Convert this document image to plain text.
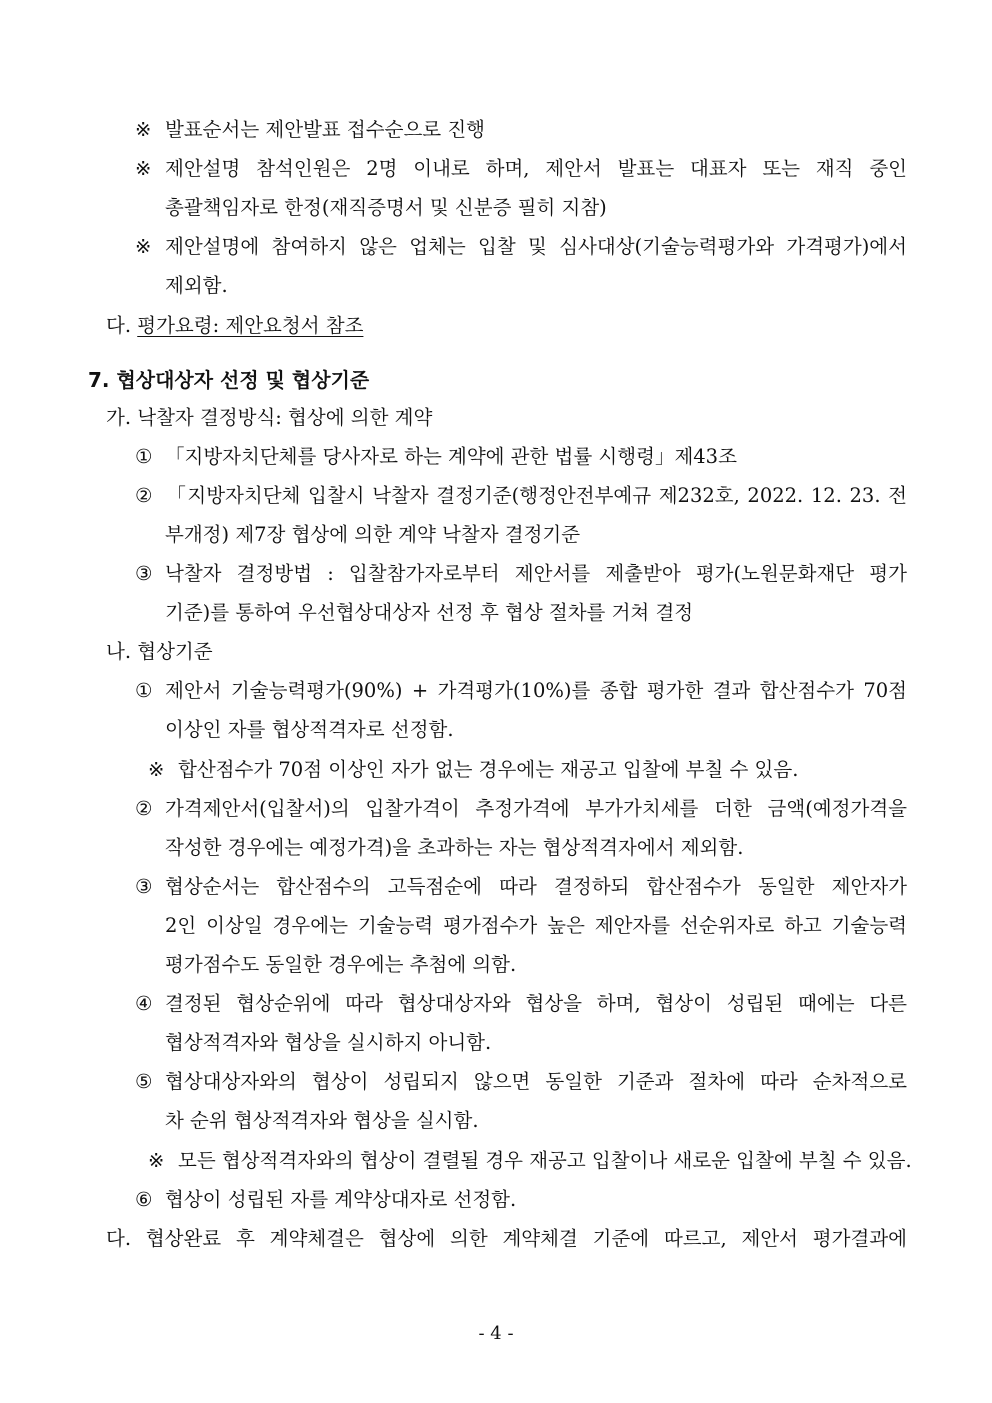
※ 발표순서는 제안발표 접수순으로 진행
※ 제안설명 참석인원은 2명 이내로 하며, 제안서 발표는 대표자 또는 재직 중인
총괄책임자로 한정(재직증명서 및 신분증 필히 지참)
※ 제안설명에 참여하지 않은 업체는 입찰 및 심사대상(기술능력평가와 가격평가)에서
제외함.
다. 평가요령: 제안요청서 참조
7. 협상대상자 선정 및 협상기준
가. 낙찰자 결정방식: 협상에 의한 계약
① 「지방자치단체를 당사자로 하는 계약에 관한 법률 시행령」제43조
② 「지방자치단체 입찰시 낙찰자 결정기준(행정안전부예규 제232호, 2022. 12. 23. 전
부개정) 제7장 협상에 의한 계약 낙찰자 결정기준
③ 낙찰자 결정방법 : 입찰참가자로부터 제안서를 제출받아 평가(노원문화재단 평가
기준)를 통하여 우선협상대상자 선정 후 협상 절차를 거쳐 결정
나. 협상기준
① 제안서 기술능력평가(90%) + 가격평가(10%)를 종합 평가한 결과 합산점수가 70점
이상인 자를 협상적격자로 선정함.
※ 합산점수가 70점 이상인 자가 없는 경우에는 재공고 입찰에 부칠 수 있음.
② 가격제안서(입찰서)의 입찰가격이 추정가격에 부가가치세를 더한 금액(예정가격을
작성한 경우에는 예정가격)을 초과하는 자는 협상적격자에서 제외함.
③ 협상순서는 합산점수의 고득점순에 따라 결정하되 합산점수가 동일한 제안자가
2인 이상일 경우에는 기술능력 평가점수가 높은 제안자를 선순위자로 하고 기술능력
평가점수도 동일한 경우에는 추첨에 의함.
④ 결정된 협상순위에 따라 협상대상자와 협상을 하며, 협상이 성립된 때에는 다른
협상적격자와 협상을 실시하지 아니함.
⑤ 협상대상자와의 협상이 성립되지 않으면 동일한 기준과 절차에 따라 순차적으로
차 순위 협상적격자와 협상을 실시함.
※ 모든 협상적격자와의 협상이 결렬될 경우 재공고 입찰이나 새로운 입찰에 부칠 수 있음.
⑥ 협상이 성립된 자를 계약상대자로 선정함.
다. 협상완료 후 계약체결은 협상에 의한 계약체결 기준에 따르고, 제안서 평가결과에
- 4 -
